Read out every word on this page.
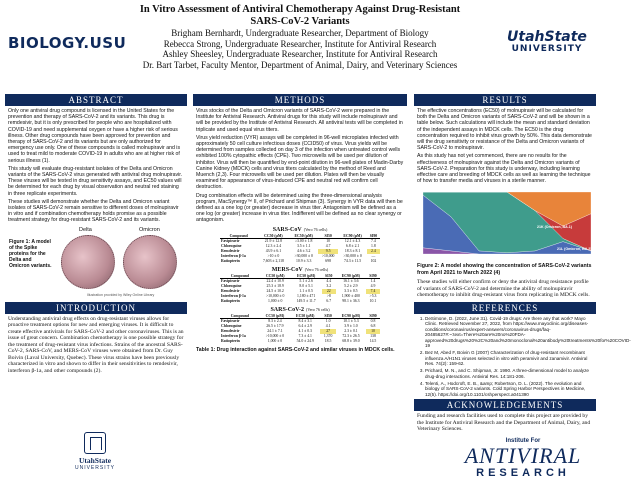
BIOLOGY.USU
In Vitro Assessment of Antiviral Chemotherapy Against Drug-Resistant
SARS-CoV-2 Variants
Brigham Bernhardt, Undergraduate Researcher, Department of Biology
Rebecca Strong, Undergraduate Researcher, Institute for Antiviral Research
Ashley Sheesley, Undergraduate Researcher, Institute for Antiviral Research
Dr. Bart Tarbet, Faculty Mentor, Department of Animal, Dairy, and Veterinary Sciences
UtahState
UNIVERSITY
ABSTRACT

Only one antiviral drug compound is licensed in the United States for the prevention and therapy of SARS-CoV-2 and its variants. This drug is remdesivir, but it is only prescribed for people who are hospitalized with COVID-19 and need supplemental oxygen or have a higher risk of serious illness. Other drug compounds have been approved for prevention and therapy of SARS-CoV-2 and its variants but are only authorized for emergency use only. One of these compounds is called molnupiravir and is used to treat mild to moderate COVID-19 in adults who are at higher risk of serious illness (1).

This study will evaluate drug-resistant isolates of the Delta and Omicron variants of the SARS-CoV-2 virus generated with antiviral drug molnupiravir. These viruses will be tested in drug sensitivity assays, and EC50 values will be determined for each drug by visual observation and neutral red staining in three replicate experiments.

These studies will demonstrate whether the Delta and Omicron variant isolates of SARS-CoV-2 remain sensitive to different doses of molnupiravir in vitro and if combination chemotherapy holds promise as a possible treatment strategy for drug-resistant SARS-CoV-2 and its variants.

Figure 1: A model of the Spike proteins for the Delta and Omicron variants.
Delta	Omicron
Illustration provided by Wiley Online Library
INTRODUCTION

Understanding antiviral drug effects on drug-resistant viruses allows for proactive treatment options for new and emerging viruses. It is difficult to create effective antivirals for SARS-CoV-2 and other coronaviruses. This is an issue of great concern. Combination chemotherapy is one possible strategy for the treatment of drug-resistant virus infections. Strains of the ancestral SARS-CoV-2, SARS-CoV, and MERS-CoV viruses were obtained from Dr. Guy Boivin (Laval University, Quebec). These virus strains have been previously characterized in vitro and shown to differ in their sensitivities to remdesivir, interferon β-1a, and other compounds (2).

UtahState
UNIVERSITY
METHODS

Virus stocks of the Delta and Omicron variants of SARS-CoV-2 were prepared in the Institute for Antiviral Research. Antiviral drugs for this study will include molnupiravir and will be provided by the Institute of Antiviral Research. All antiviral tests will be completed in triplicate and used equal virus titers.

Virus yield reduction (VYR) assays will be completed in 96-well microplates infected with approximately 50 cell culture infectious doses (CCID50) of virus. Virus yields will be determined from samples collected on day 3 of the infection when untreated control wells exhibited 100% cytopathic effects (CPE). Two microwells will be used per dilution of inhibitor. Virus will then be quantified by end-point dilution in 96-well plates of Madin-Darby Canine Kidney (MDCK) cells and virus titers calculated by the method of Reed and Muench (2,3). Four microwells will be used per dilution. Plates will then be visually examined for appearance of virus-induced CPE and neutral red will confirm cell destruction.

Drug combination effects will be determined using the three-dimensional analysis program, MacSynergy™ II, of Prichard and Shipman (3). Synergy in VYR data will then be defined as a one log (or greater) decrease in virus titer. Antagonism will be defined as a one log (or greater) increase in virus titer. Indifferent will be defined as no clear synergy or antagonism.

SARS-CoV (Vero 76 cells)
Compound	CC50 (µM)	EC50 (µM)	SI50	EC90 (µM)	SI90
Favipiravir	21.9 ± 12.8	≥3.00 ± 1.8	10	12.1 ± 4.3	7.4
Chloroquine	12.3 ± 2.4	3.5 ± 1.1	4.7	6.8 ± 2.1	1.8
Remdesivir	43.9 ± 6.1	4.6 ± 3.2	9.5	18.3 ± 8.1	2.4
Interferon β-1a	>10 ± 0	>30,000 ± 0	>10,000	>30,000 ± 0	—
Ratiopterin	7,603 ± 2,118	10.9 ± 3.3	698	74.3 ± 11.5	102
MERS-CoV (Vero 76 cells)
Compound	CC50 (µM)	EC50 (µM)	SI50	EC90 (µM)	SI90
Favipiravir	22.4 ± 10.9	5.1 ± 2.6	4.4	16.1 ± 3.6	1.4
Chloroquine	25.3 ± 18.9	8.0 ± 5.1	3.2	5.2 ± 2.9	4.9
Remdesivir	24.5 ± 10.2	1.1 ± 0.5	22	3.3 ± 0.5	7.4
Interferon β-1a	>10,000 ± 0	1,180 ± 471	>8	1,900 ± 400	>5.3
Ratiopterin	1,000 ± 0	149.5 ± 11.7	6.7	98.1 ± 36.3	10.1
SARS-CoV-2 (Vero 76 cells)
Compound	CC50 (µM)	EC50 (µM)	SI50	EC90 (µM)	SI90
Favipiravir	8.3 ± 2.4	8.4 ± 3.1	1.0	10.1 ± 5.3	0.8
Chloroquine	26.5 ± 17.9	6.4 ± 2.9	4.1	3.9 ± 1.0	6.8
Remdesivir	24.1 ± 7.1	4.1 ± 0.3	27	2.3 ± 0.1	10
Interferon β-1a	>10,000 ± 0	7.3 ± 4.1	1,370	72.3 ± 26.5	138
Ratiopterin	1,000 ± 0	54.0 ± 24.9	18.5	68.8 ± 39.0	14.5

Table 1: Drug interaction against SARS-CoV-2 and similar viruses in MDCK cells.

RESULTS

The effective concentrations (EC50) of molnupiravir will be calculated for both the Delta and Omicron variants of SARS-CoV-2 and will be shown in a table below. Such calculations will include the mean and standard deviation of the independent assays in MDCK cells. The EC50 is the drug concentration required to inhibit virus growth by 50%. This data demonstrate will the drug sensitivity or resistance of the Delta and Omicron variants of SARS-CoV-2 to molnupiravir.

As this study has not yet commenced, there are no results for the effectiveness of molnupiravir against the Delta and Omicron variants of SARS-CoV-2. Preparation for this study is underway, including learning effective care and breeding of MDCK cells as well as learning the technique of how to transfer media and viruses in a sterile manner.

21K (Omicron, BA.1)
21L (Omicron, BA.2)

Figure 2: A model showing the concentration of SARS-CoV-2 variants from April 2021 to March 2022 (4)

These studies will either confirm or deny the antiviral drug resistance profile of variants of SARS-CoV-2 and determine the ability of molnupiravir chemotherapy to inhibit drug-resistant virus from replicating in MDCK cells.

REFERENCES
1. DeSimone, D. (2022, June 31). Covid-19 drugs: Are there any that work? Mayo Clinic. Retrieved November 27, 2022, from https://www.mayoclinic.org/diseases-conditions/coronavirus/expert-answers/coronavirus-drugs/faq-20485627#:~:text=There%20are%20no%20FDA-approved%20drugs%20%2C%20and%20monoclonal%20antibody%20treatments%20for%20COVID-19
2. Bez M, Abed F, Boivin G (2007) Characterization of drug-resistant recombinant influenza A/H1N1 viruses selected in vitro with peramivir and zanamivir. Antiviral Res. 74(2): 159-62.
3. Prichard, M. N., and C. Shipman, Jr. 1990. A three-dimensional model to analyze drug-drug interactions. Antiviral Res. 14:181-206.
4. Telenti, A., Hodcroft, E. B., &amp; Robertson, D. L. (2022). The evolution and biology of SARS-CoV-2 variants. Cold Spring Harbor Perspectives in Medicine, 12(5). https://doi.org/10.1101/cshperspect.a041390
ACKNOWLEDGEMENTS

Funding and research facilities used to complete this project are provided by the Institute for Antiviral Research and the Department of Animal, Dairy, and Veterinary Sciences.

Institute For
ANTIVIRAL
RESEARCH
